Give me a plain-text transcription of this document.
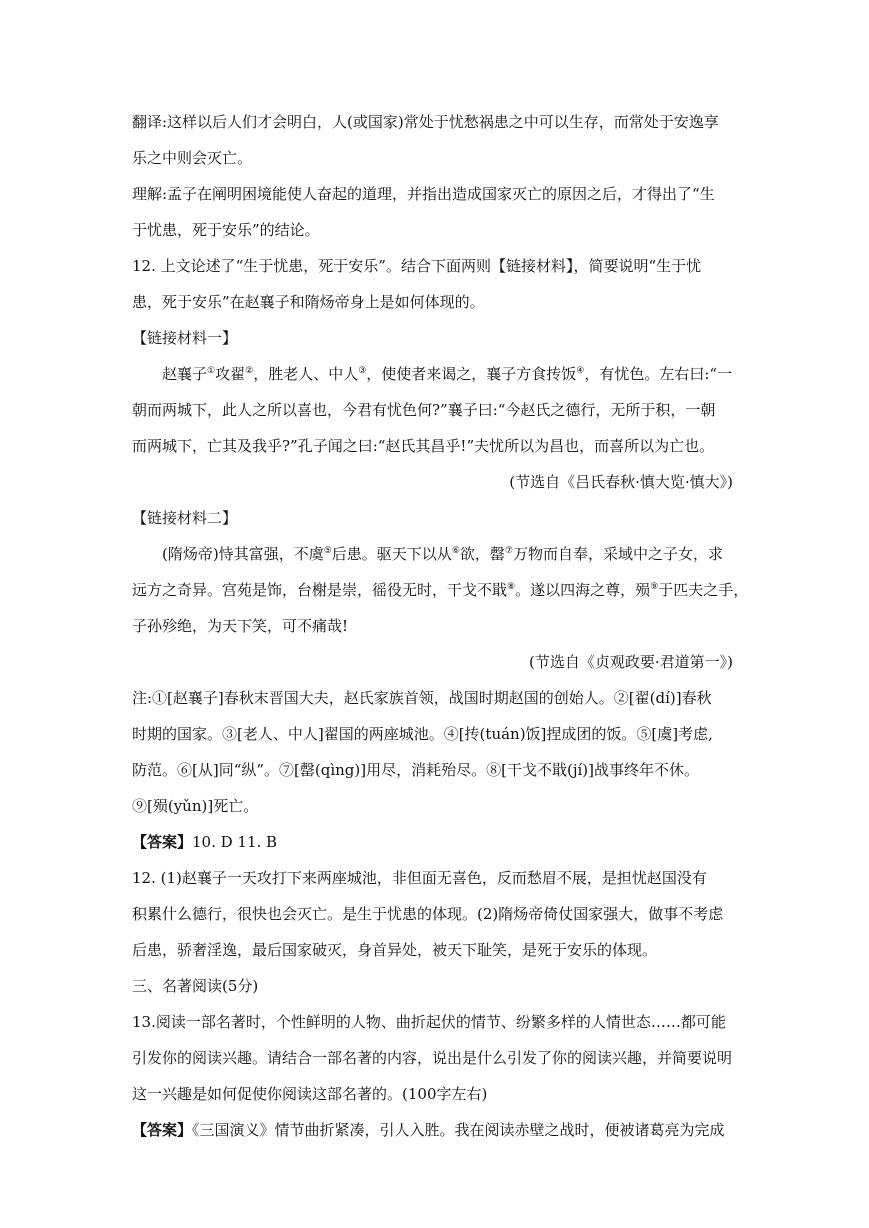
翻译:这样以后人们才会明白，人(或国家)常处于忧愁祸患之中可以生存，而常处于安逸享
乐之中则会灭亡。
理解:孟子在阐明困境能使人奋起的道理，并指出造成国家灭亡的原因之后，才得出了“生
于忧患，死于安乐”的结论。
12. 上文论述了“生于忧患，死于安乐”。结合下面两则【链接材料】，简要说明“生于忧
患，死于安乐”在赵襄子和隋炀帝身上是如何体现的。
【链接材料一】
赵襄子①攻翟②，胜老人、中人③，使使者来谒之，襄子方食抟饭④，有忧色。左右曰:“一
朝而两城下，此人之所以喜也，今君有忧色何?”襄子曰:“今赵氏之德行，无所于积，一朝
而两城下，亡其及我乎?”孔子闻之曰:“赵氏其昌乎!”夫忧所以为昌也，而喜所以为亡也。
(节选自《吕氏春秋·慎大览·慎大》)
【链接材料二】
(隋炀帝)恃其富强，不虞⑤后患。驱天下以从⑥欲，罄⑦万物而自奉，采域中之子女，求
远方之奇异。宫苑是饰，台榭是崇，徭役无时，干戈不戢⑧。遂以四海之尊，殒⑨于匹夫之手，
子孙殄绝，为天下笑，可不痛哉!
(节选自《贞观政要·君道第一》)
注:①[赵襄子]春秋末晋国大夫，赵氏家族首领，战国时期赵国的创始人。②[翟(dí)]春秋
时期的国家。③[老人、中人]翟国的两座城池。④[抟(tuán)饭]捏成团的饭。⑤[虞]考虑,
防范。⑥[从]同“纵”。⑦[罄(qìng)]用尽，消耗殆尽。⑧[干戈不戢(jí)]战事终年不休。
⑨[殒(yǔn)]死亡。
【答案】10. D 11. B
12. (1)赵襄子一天攻打下来两座城池，非但面无喜色，反而愁眉不展，是担忧赵国没有
积累什么德行，很快也会灭亡。是生于忧患的体现。(2)隋炀帝倚仗国家强大，做事不考虑
后患，骄奢淫逸，最后国家破灭，身首异处，被天下耻笑，是死于安乐的体现。
三、名著阅读(5分)
13.阅读一部名著时，个性鲜明的人物、曲折起伏的情节、纷繁多样的人情世态……都可能
引发你的阅读兴趣。请结合一部名著的内容，说出是什么引发了你的阅读兴趣，并简要说明
这一兴趣是如何促使你阅读这部名著的。(100字左右)
【答案】《三国演义》情节曲折紧凑，引人入胜。我在阅读赤壁之战时，便被诸葛亮为完成
